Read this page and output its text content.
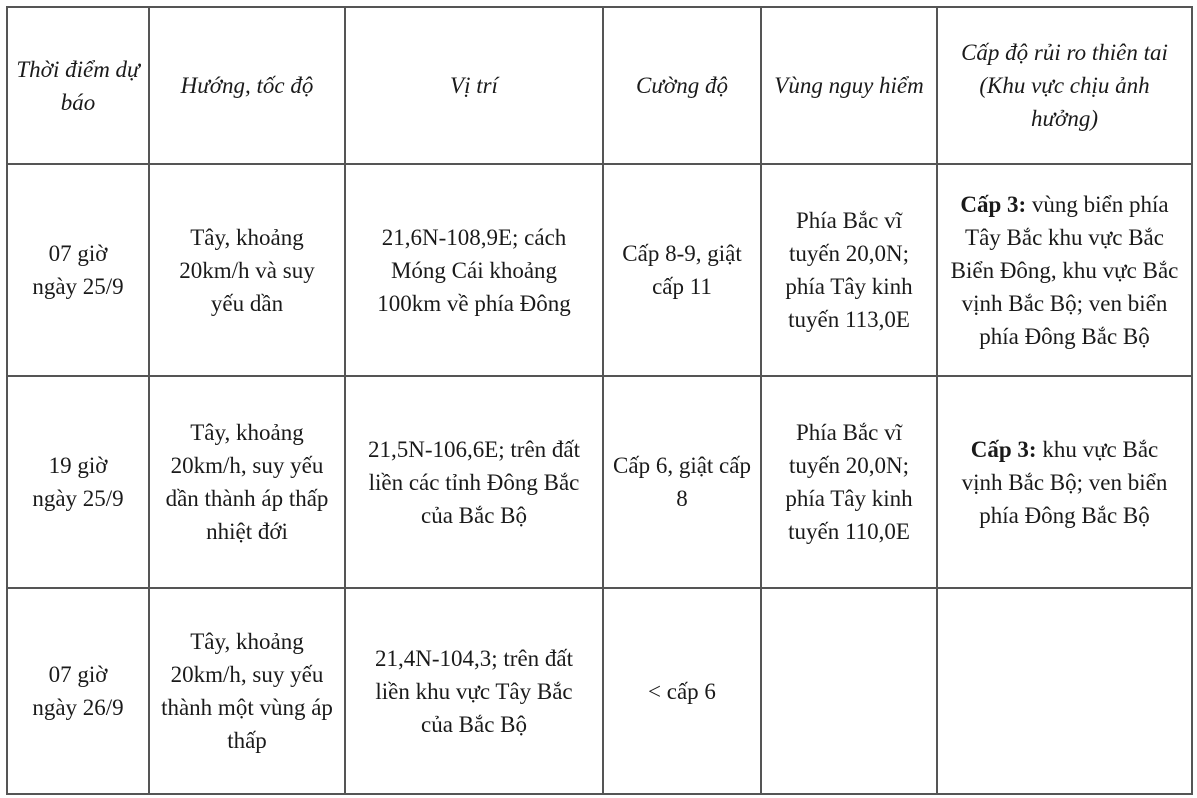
Thời điểm dự báo	Hướng, tốc độ	Vị trí	Cường độ	Vùng nguy hiểm	Cấp độ rủi ro thiên tai (Khu vực chịu ảnh hưởng)
07 giờ ngày 25/9	Tây, khoảng 20km/h và suy yếu dần	21,6N-108,9E; cách Móng Cái khoảng 100km về phía Đông	Cấp 8-9, giật cấp 11	Phía Bắc vĩ tuyến 20,0N; phía Tây kinh tuyến 113,0E	Cấp 3: vùng biển phía Tây Bắc khu vực Bắc Biển Đông, khu vực Bắc vịnh Bắc Bộ; ven biển phía Đông Bắc Bộ
19 giờ ngày 25/9	Tây, khoảng 20km/h, suy yếu dần thành áp thấp nhiệt đới	21,5N-106,6E; trên đất liền các tỉnh Đông Bắc của Bắc Bộ	Cấp 6, giật cấp 8	Phía Bắc vĩ tuyến 20,0N; phía Tây kinh tuyến 110,0E	Cấp 3: khu vực Bắc vịnh Bắc Bộ; ven biển phía Đông Bắc Bộ
07 giờ ngày 26/9	Tây, khoảng 20km/h, suy yếu thành một vùng áp thấp	21,4N-104,3; trên đất liền khu vực Tây Bắc của Bắc Bộ	< cấp 6		
